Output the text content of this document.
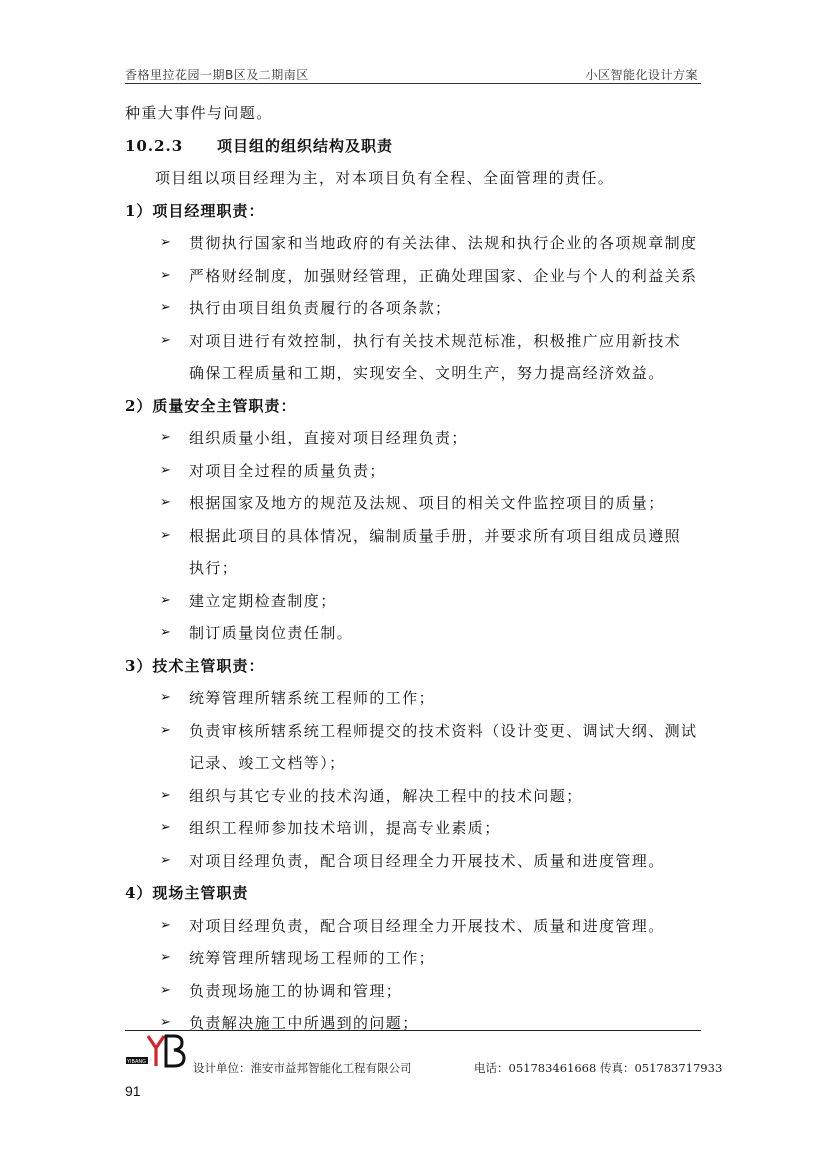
香格里拉花园一期B区及二期南区	小区智能化设计方案
种重大事件与问题。
10.2.3 项目组的组织结构及职责
项目组以项目经理为主，对本项目负有全程、全面管理的责任。
1）项目经理职责：
➢ 贯彻执行国家和当地政府的有关法律、法规和执行企业的各项规章制度
➢ 严格财经制度，加强财经管理，正确处理国家、企业与个人的利益关系
➢ 执行由项目组负责履行的各项条款；
➢ 对项目进行有效控制，执行有关技术规范标准，积极推广应用新技术
确保工程质量和工期，实现安全、文明生产，努力提高经济效益。
2）质量安全主管职责：
➢ 组织质量小组，直接对项目经理负责；
➢ 对项目全过程的质量负责；
➢ 根据国家及地方的规范及法规、项目的相关文件监控项目的质量；
➢ 根据此项目的具体情况，编制质量手册，并要求所有项目组成员遵照
执行；
➢ 建立定期检查制度；
➢ 制订质量岗位责任制。
3）技术主管职责：
➢ 统筹管理所辖系统工程师的工作；
➢ 负责审核所辖系统工程师提交的技术资料（设计变更、调试大纲、测试
记录、竣工文档等）；
➢ 组织与其它专业的技术沟通，解决工程中的技术问题；
➢ 组织工程师参加技术培训，提高专业素质；
➢ 对项目经理负责，配合项目经理全力开展技术、质量和进度管理。
4）现场主管职责
➢ 对项目经理负责，配合项目经理全力开展技术、质量和进度管理。
➢ 统筹管理所辖现场工程师的工作；
➢ 负责现场施工的协调和管理；
➢ 负责解决施工中所遇到的问题；
YIBANG	设计单位：淮安市益邦智能化工程有限公司	电话：051783461668 传真：051783717933
91
